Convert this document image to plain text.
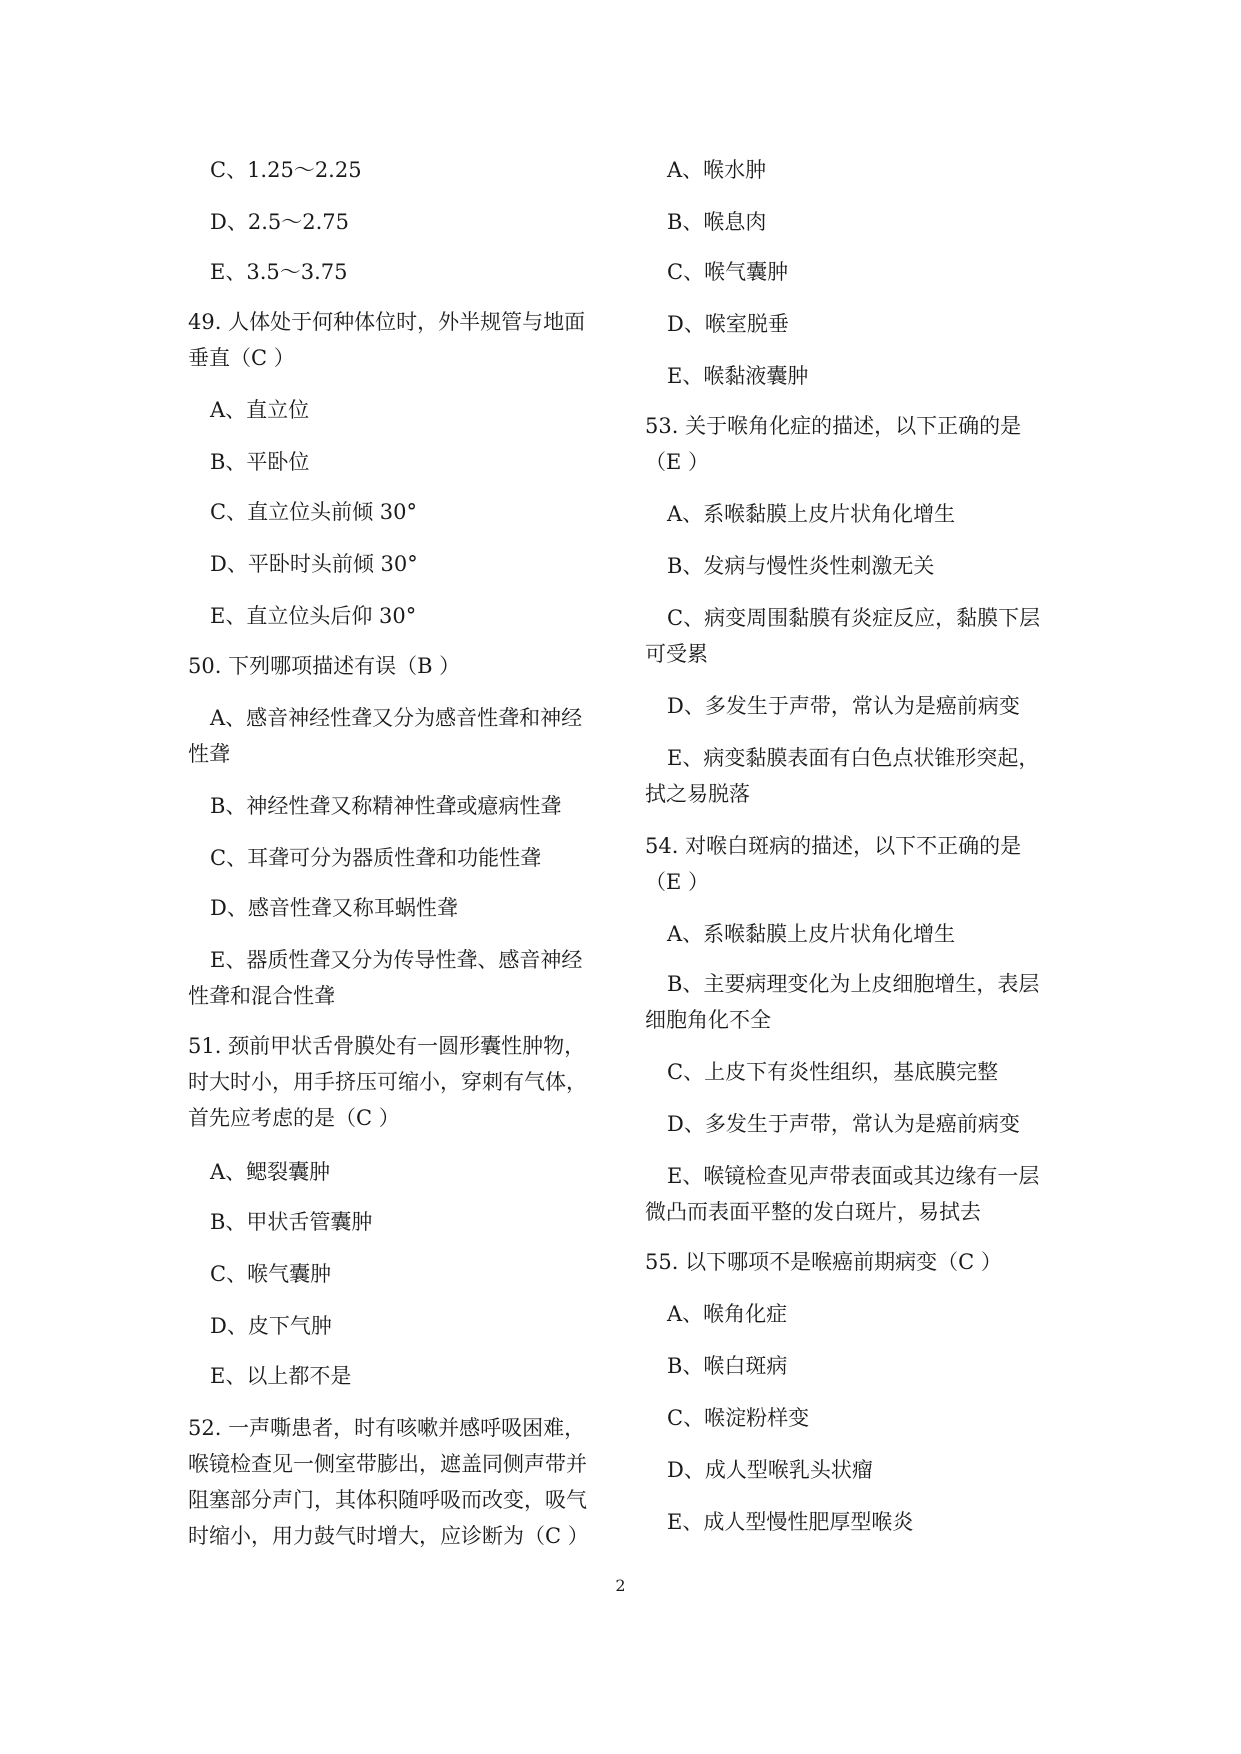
C、1.25～2.25
D、2.5～2.75
E、3.5～3.75
49. 人体处于何种体位时，外半规管与地面
垂直（C ）
A、直立位
B、平卧位
C、直立位头前倾 30°
D、平卧时头前倾 30°
E、直立位头后仰 30°
50. 下列哪项描述有误（B ）
A、感音神经性聋又分为感音性聋和神经
性聋
B、神经性聋又称精神性聋或癔病性聋
C、耳聋可分为器质性聋和功能性聋
D、感音性聋又称耳蜗性聋
E、器质性聋又分为传导性聋、感音神经
性聋和混合性聋
51. 颈前甲状舌骨膜处有一圆形囊性肿物，
时大时小，用手挤压可缩小，穿刺有气体，
首先应考虑的是（C ）
A、鳃裂囊肿
B、甲状舌管囊肿
C、喉气囊肿
D、皮下气肿
E、以上都不是
52. 一声嘶患者，时有咳嗽并感呼吸困难，
喉镜检查见一侧室带膨出，遮盖同侧声带并
阻塞部分声门，其体积随呼吸而改变，吸气
时缩小，用力鼓气时增大，应诊断为（C ）
A、喉水肿
B、喉息肉
C、喉气囊肿
D、喉室脱垂
E、喉黏液囊肿
53. 关于喉角化症的描述，以下正确的是
（E ）
A、系喉黏膜上皮片状角化增生
B、发病与慢性炎性刺激无关
C、病变周围黏膜有炎症反应，黏膜下层
可受累
D、多发生于声带，常认为是癌前病变
E、病变黏膜表面有白色点状锥形突起，
拭之易脱落
54. 对喉白斑病的描述，以下不正确的是
（E ）
A、系喉黏膜上皮片状角化增生
B、主要病理变化为上皮细胞增生，表层
细胞角化不全
C、上皮下有炎性组织，基底膜完整
D、多发生于声带，常认为是癌前病变
E、喉镜检查见声带表面或其边缘有一层
微凸而表面平整的发白斑片，易拭去
55. 以下哪项不是喉癌前期病变（C ）
A、喉角化症
B、喉白斑病
C、喉淀粉样变
D、成人型喉乳头状瘤
E、成人型慢性肥厚型喉炎
2
